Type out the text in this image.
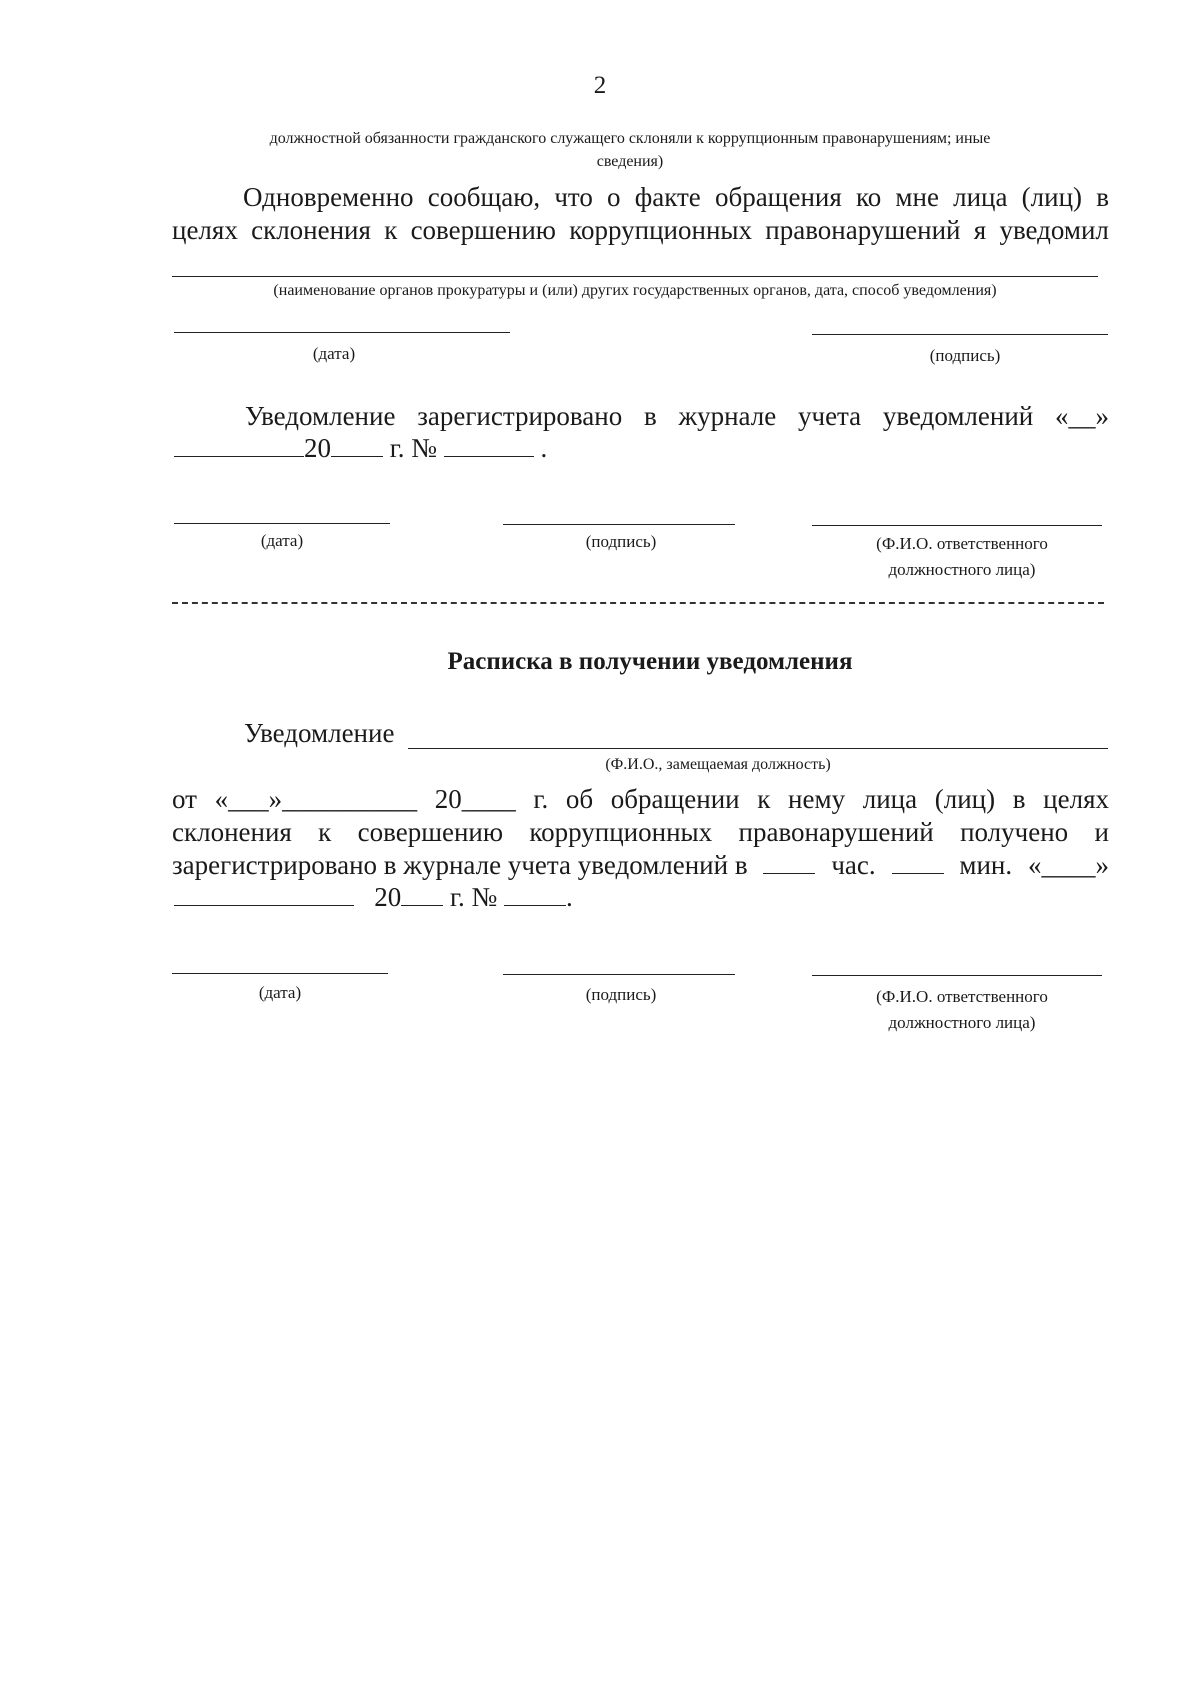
2
должностной обязанности гражданского служащего склоняли к коррупционным правонарушениям; иные
сведения)
Одновременно сообщаю, что о факте обращения ко мне лица (лиц) в
целях склонения к совершению коррупционных правонарушений я уведомил
(наименование органов прокуратуры и (или) других государственных органов, дата, способ уведомления)
(дата)	(подпись)
Уведомление зарегистрировано в журнале учета уведомлений «__»
20 г. №	.
(дата)	(подпись)	(Ф.И.О. ответственного
должностного лица)
Расписка в получении уведомления
Уведомление
(Ф.И.О., замещаемая должность)
от «___»__________ 20____ г. об обращении к нему лица (лиц) в целях
склонения к совершению коррупционных правонарушений получено и
зарегистрировано в журнале учета уведомлений в	час.	мин. «____»
20 г. №	.
(дата)	(подпись)	(Ф.И.О. ответственного
должностного лица)
